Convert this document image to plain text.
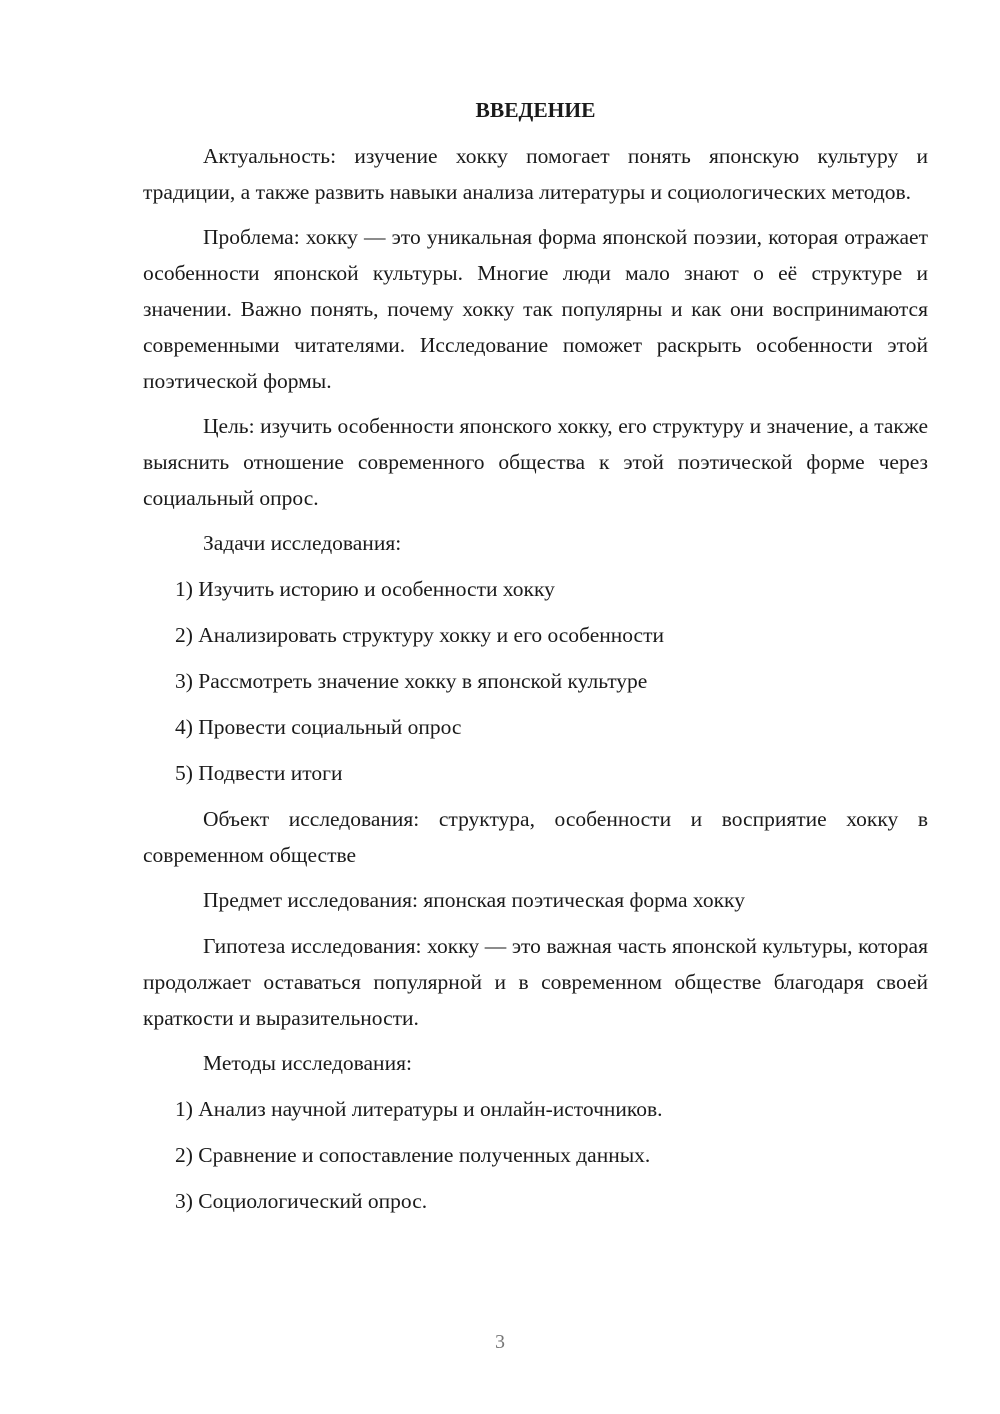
ВВЕДЕНИЕ

Актуальность: изучение хокку помогает понять японскую культуру и традиции, а также развить навыки анализа литературы и социологических методов.

Проблема: хокку — это уникальная форма японской поэзии, которая отражает особенности японской культуры. Многие люди мало знают о её структуре и значении. Важно понять, почему хокку так популярны и как они воспринимаются современными читателями. Исследование поможет раскрыть особенности этой поэтической формы.

Цель: изучить особенности японского хокку, его структуру и значение, а также выяснить отношение современного общества к этой поэтической форме через социальный опрос.

Задачи исследования:

1) Изучить историю и особенности хокку
2) Анализировать структуру хокку и его особенности
3) Рассмотреть значение хокку в японской культуре
4) Провести социальный опрос
5) Подвести итоги

Объект исследования: структура, особенности и восприятие хокку в современном обществе

Предмет исследования: японская поэтическая форма хокку

Гипотеза исследования: хокку — это важная часть японской культуры, которая продолжает оставаться популярной и в современном обществе благодаря своей краткости и выразительности.

Методы исследования:

1) Анализ научной литературы и онлайн-источников.
2) Сравнение и сопоставление полученных данных.
3) Социологический опрос.
3
